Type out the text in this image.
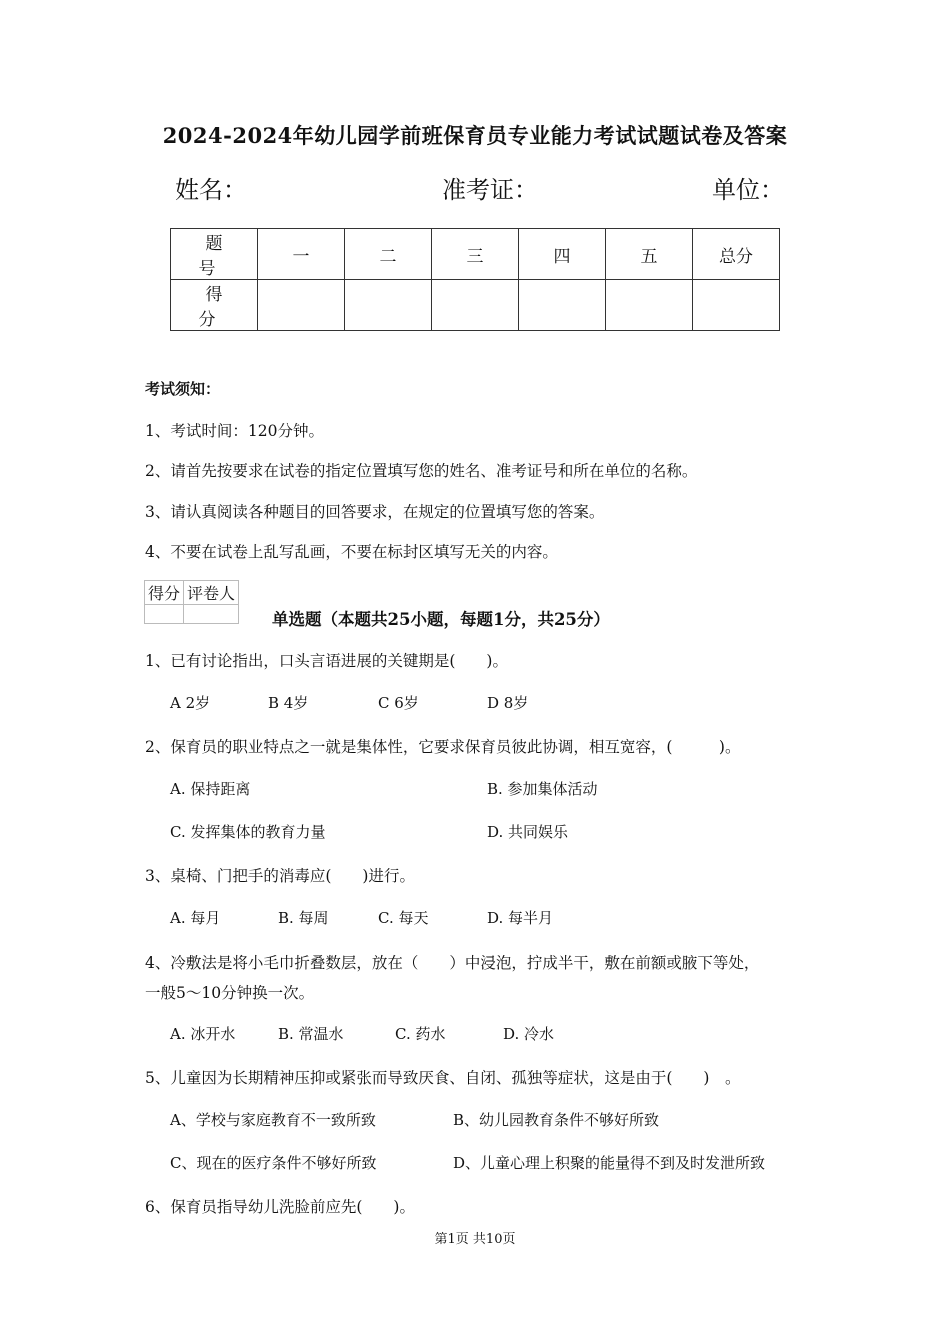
2024-2024年幼儿园学前班保育员专业能力考试试题试卷及答案
姓名：	准考证：	单位：
题　号	一	二	三	四	五	总分
得　分						
考试须知：
1、考试时间：120分钟。
2、请首先按要求在试卷的指定位置填写您的姓名、准考证号和所在单位的名称。
3、请认真阅读各种题目的回答要求，在规定的位置填写您的答案。
4、不要在试卷上乱写乱画，不要在标封区填写无关的内容。
得分	评卷人

单选题（本题共25小题，每题1分，共25分）
1、已有讨论指出，口头言语进展的关键期是(　　)。
A 2岁	B 4岁	C 6岁	D 8岁
2、保育员的职业特点之一就是集体性，它要求保育员彼此协调，相互宽容，(　　　)。
A. 保持距离	B. 参加集体活动
C. 发挥集体的教育力量	D. 共同娱乐
3、桌椅、门把手的消毒应(　　)进行。
A. 每月	B. 每周	C. 每天	D. 每半月
4、冷敷法是将小毛巾折叠数层，放在（　　）中浸泡，拧成半干，敷在前额或腋下等处，
一般5～10分钟换一次。
A. 冰开水	B. 常温水	C. 药水	D. 冷水
5、儿童因为长期精神压抑或紧张而导致厌食、自闭、孤独等症状，这是由于(　　)　。
A、学校与家庭教育不一致所致	B、幼儿园教育条件不够好所致
C、现在的医疗条件不够好所致	D、儿童心理上积聚的能量得不到及时发泄所致
6、保育员指导幼儿洗脸前应先(　　)。
第1页 共10页
